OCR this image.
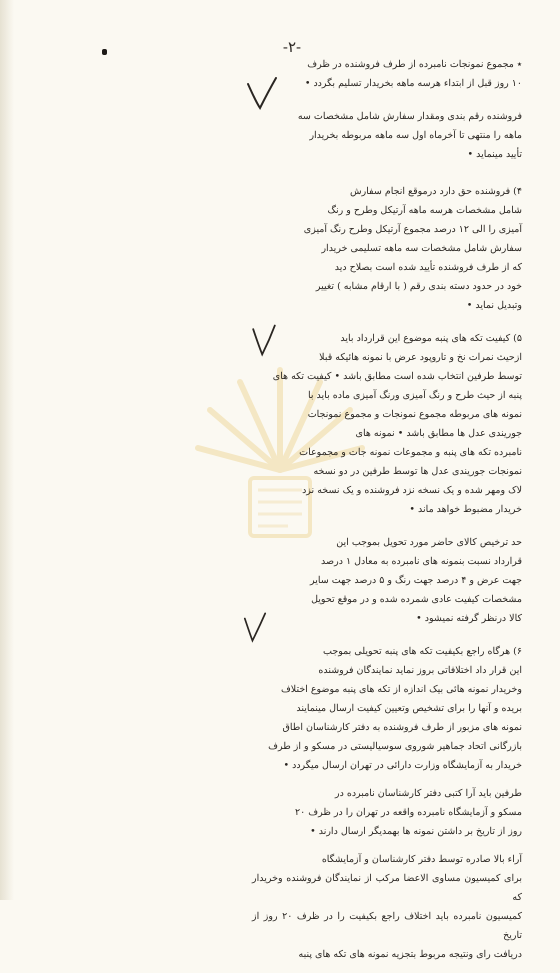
-۲-

٭ مجموع نمونجات نامبرده از طرف فروشنده در ظرف
۱۰ روز قبل از ابتداء هرسه ماهه بخریدار تسلیم بگردد •

فروشنده رقم بندی ومقدار سفارش شامل مشخصات سه
ماهه را منتهی تا آخرماه اول سه ماهه مربوطه بخریدار
تأیید مینماید •

۴) فروشنده حق دارد درموقع انجام سفارش
شامل مشخصات هرسه ماهه آرتیکل وطرح و رنگ
آمیزی را الی ۱۲ درصد مجموع آرتیکل وطرح رنگ آمیزی
سفارش شامل مشخصات سه ماهه تسلیمی خریدار
که از طرف فروشنده تأیید شده است بصلاح دید
خود در حدود دسته بندی رقم ( با ارقام مشابه ) تغییر
وتبدیل نماید •

۵) کیفیت تکه های پنبه موضوع این قرارداد باید
ازحیث نمرات نخ و تاروپود عرض با نمونه هائیکه قبلا
توسط طرفین انتخاب شده است مطابق باشد • کیفیت تکه های
پنبه از حیث طرح و رنگ آمیزی ورنگ آمیزی ماده باید با
نمونه های مربوطه مجموع نمونجات و مجموع نمونجات
جوریندی عدل ها مطابق باشد • نمونه های
نامبرده تکه های پنبه و مجموعات نمونه جات و مجموعات
نمونجات جوریندی عدل ها توسط طرفین در دو نسخه
لاک ومهر شده و یک نسخه نزد فروشنده و یک نسخه نزد
خریدار مضبوط خواهد ماند •

حد ترخیص کالای حاضر مورد تحویل بموجب این
قرارداد نسبت بنمونه های نامبرده به معادل ۱ درصد
جهت عرض و ۴ درصد جهت رنگ و ۵ درصد جهت سایر
مشخصات کیفیت عادی شمرده شده و در موقع تحویل
کالا درنظر گرفته نمیشود •

۶) هرگاه راجع بکیفیت تکه های پنبه تحویلی بموجب
این قرار داد اختلافاتی بروز نماید نمایندگان فروشنده
وخریدار نمونه هائی بیک اندازه از تکه های پنبه موضوع اختلاف
بریده و آنها را برای تشخیص وتعیین کیفیت ارسال مینمایند
نمونه های مزبور از طرف فروشنده به دفتر کارشناسان اطاق
بازرگانی اتحاد جماهیر شوروی سوسیالیستی در مسکو و از طرف
خریدار به آزمایشگاه وزارت دارائی در تهران ارسال میگردد •

طرفین باید آرا کتبی دفتر کارشناسان نامبرده در
مسکو و آزمایشگاه نامبرده واقعه در تهران را در ظرف ۲۰
روز از تاریخ بر داشتن نمونه ها بهمدیگر ارسال دارند •

آراء بالا صادره توسط دفتر کارشناسان و آزمایشگاه
برای کمیسیون مساوی الاعضا مرکب از نمایندگان فروشنده وخریدار که
کمیسیون نامبرده باید اختلاف راجع بکیفیت را در ظرف ۲۰ روز از تاریخ
دریافت رای ونتیجه مربوط بتجزیه نمونه های تکه های پنبه
